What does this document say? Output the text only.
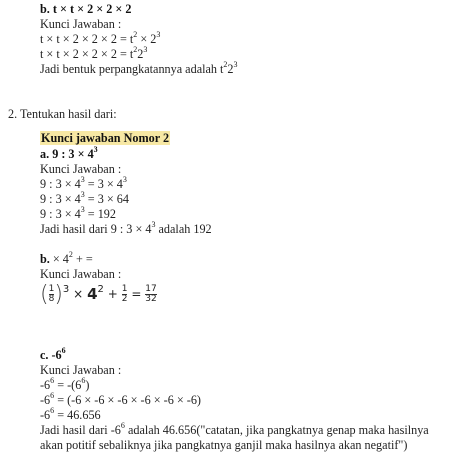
b. t × t × 2 × 2 × 2
Kunci Jawaban :
$t \times t \times 2 \times 2 \times 2 = t^2 \times 2^3$
$t \times t \times 2 \times 2 \times 2 = t^22^3$
Jadi bentuk perpangkatannya adalah $t^22^3$
2. Tentukan hasil dari:
Kunci jawaban Nomor 2
a. 9 : $3 \times 4^3$
Kunci Jawaban :
9 : $3 \times 4^3 = 3 \times 4^3$
9 : $3 \times 4^3 = 3 \times 64$
9 : $3 \times 4^3 = 192$
Jadi hasil dari 9 : $3 \times 4^3$ adalah 192
b. × $4^2$ + =
Kunci Jawaban :
( $\frac{1}{8} )^3 \times 4^2 + \frac{1}{2} = \frac{17}{32}$
c. $-6^6$
Kunci Jawaban :
$-6^6 = -(6^6)$
$-6^6 = (-6 \times -6 \times -6 \times -6 \times -6 \times -6)$
$-6^6 = 46.656$
Jadi hasil dari $-6^6$ adalah 46.656("catatan, jika pangkatnya genap maka hasilnya akan potitif sebaliknya jika pangkatnya ganjil maka hasilnya akan negatif")
